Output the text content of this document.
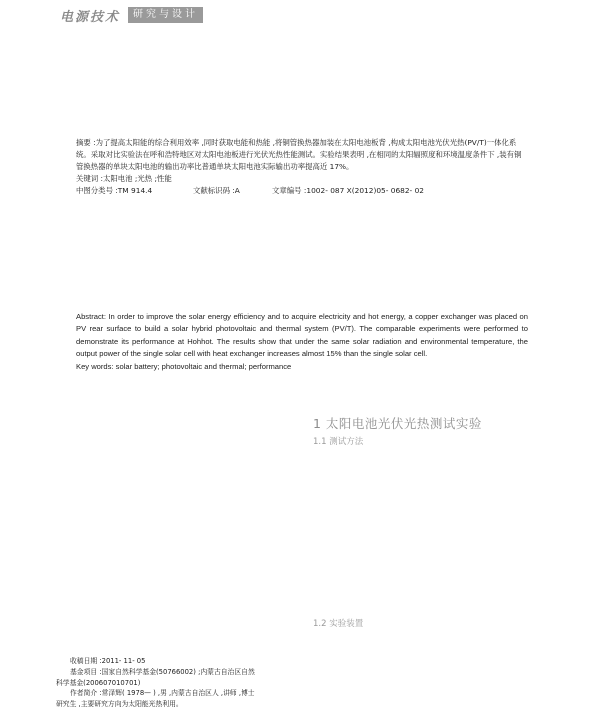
电源技术	研究与设计

摘要 :为了提高太阳能的综合利用效率 ,同时获取电能和热能 ,将铜管换热器加装在太阳电池板背 ,构成太阳电池光伏光热(PV/T)一体化系统。采取对比实验法在呼和浩特地区对太阳电池板进行光伏光热性能测试。实验结果表明 ,在相同的太阳辐照度和环境温度条件下 ,装有铜管换热器的单块太阳电池的输出功率比普通单块太阳电池实际输出功率提高近 17%。

关键词 :太阳电池 ;光热 ;性能

中图分类号 :TM 914.4	文献标识码 :A	文章编号 :1002- 087 X(2012)05- 0682- 02

Abstract: In order to improve the solar energy efficiency and to acquire electricity and hot energy, a copper exchanger was placed on PV rear surface to build a solar hybrid photovoltaic and thermal system (PV/T). The comparable experiments were performed to demonstrate its performance at Hohhot. The results show that under the same solar radiation and environmental temperature, the output power of the single solar cell with heat exchanger increases almost 15% than the single solar cell.

Key words: solar battery; photovoltaic and thermal; performance

1 太阳电池光伏光热测试实验
1.1 测试方法
1.2 实验装置

收稿日期 :2011- 11- 05

基金项目 :国家自然科学基金(50766002) ;内蒙古自治区自然

科学基金(200607010701)

作者简介 :常泽辉( 1978— ) ,男 ,内蒙古自治区人 ,讲师 ,博士

研究生 ,主要研究方向为太阳能光热利用。
